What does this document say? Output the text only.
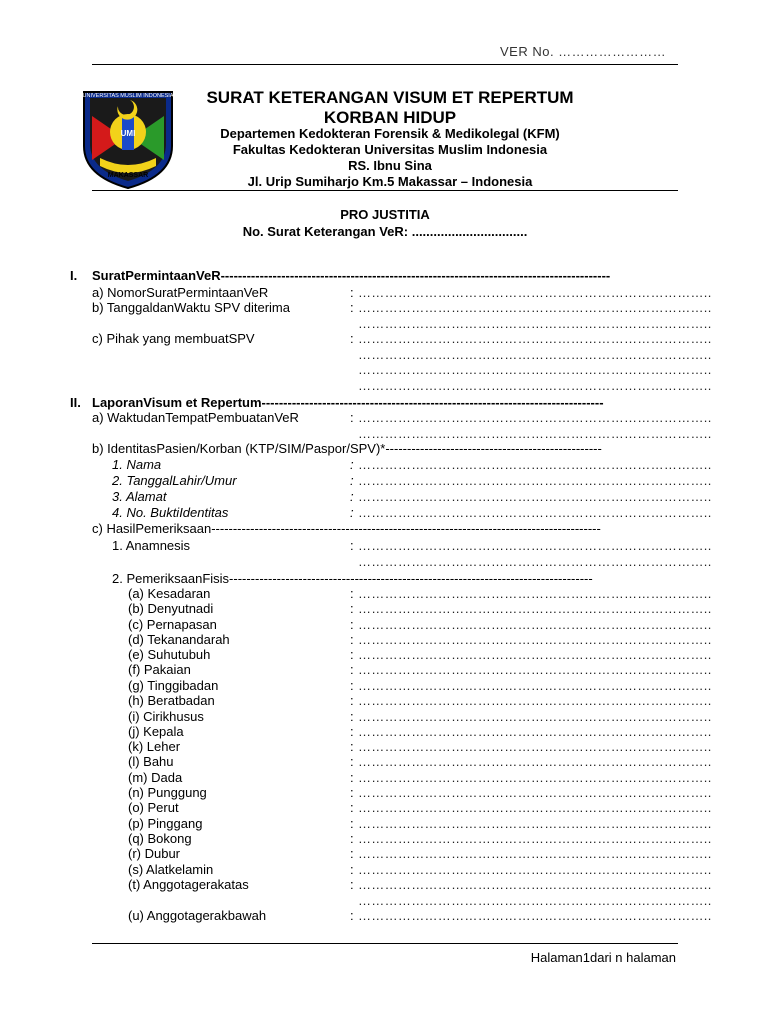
VER No. ……………………
UNIVERSITAS MUSLIM INDONESIA
UMI
MAKASSAR
SURAT KETERANGAN VISUM ET REPERTUM
KORBAN HIDUP
Departemen Kedokteran Forensik & Medikolegal (KFM)
Fakultas Kedokteran Universitas Muslim Indonesia
RS. Ibnu Sina
Jl. Urip Sumiharjo Km.5 Makassar – Indonesia
PRO JUSTITIA
No. Surat Keterangan VeR: ................................
I. SuratPermintaanVeR------------------------------------------------------------------------------------------
a) NomorSuratPermintaanVeR	: ……………………………………………………………………..
b) TanggaldanWaktu SPV diterima	: ……………………………………………………………………..
……………………………………………………………………..
c) Pihak yang membuatSPV	: ……………………………………………………………………..
……………………………………………………………………..
……………………………………………………………………..
……………………………………………………………………..
II. LaporanVisum et Repertum-------------------------------------------------------------------------------
a) WaktudanTempatPembuatanVeR	: ……………………………………………………………………..
……………………………………………………………………..
b) IdentitasPasien/Korban (KTP/SIM/Paspor/SPV)*--------------------------------------------------
1. Nama	: ……………………………………………………………………..
2. TanggalLahir/Umur	: ……………………………………………………………………..
3. Alamat	: ……………………………………………………………………..
4. No. BuktiIdentitas	: ……………………………………………………………………..
c) HasilPemeriksaan------------------------------------------------------------------------------------------
1. Anamnesis	: ……………………………………………………………………..
……………………………………………………………………..
2. PemeriksaanFisis------------------------------------------------------------------------------------
(a) Kesadaran	: ……………………………………………………………………..
(b) Denyutnadi	: ……………………………………………………………………..
(c) Pernapasan	: ……………………………………………………………………..
(d) Tekanandarah	: ……………………………………………………………………..
(e) Suhutubuh	: ……………………………………………………………………..
(f) Pakaian	: ……………………………………………………………………..
(g) Tinggibadan	: ……………………………………………………………………..
(h) Beratbadan	: ……………………………………………………………………..
(i) Cirikhusus	: ……………………………………………………………………..
(j) Kepala	: ……………………………………………………………………..
(k) Leher	: ……………………………………………………………………..
(l) Bahu	: ……………………………………………………………………..
(m) Dada	: ……………………………………………………………………..
(n) Punggung	: ……………………………………………………………………..
(o) Perut	: ……………………………………………………………………..
(p) Pinggang	: ……………………………………………………………………..
(q) Bokong	: ……………………………………………………………………..
(r) Dubur	: ……………………………………………………………………..
(s) Alatkelamin	: ……………………………………………………………………..
(t) Anggotagerakatas	: ……………………………………………………………………..
……………………………………………………………………..
(u) Anggotagerakbawah	: ……………………………………………………………………..
Halaman1dari n halaman
